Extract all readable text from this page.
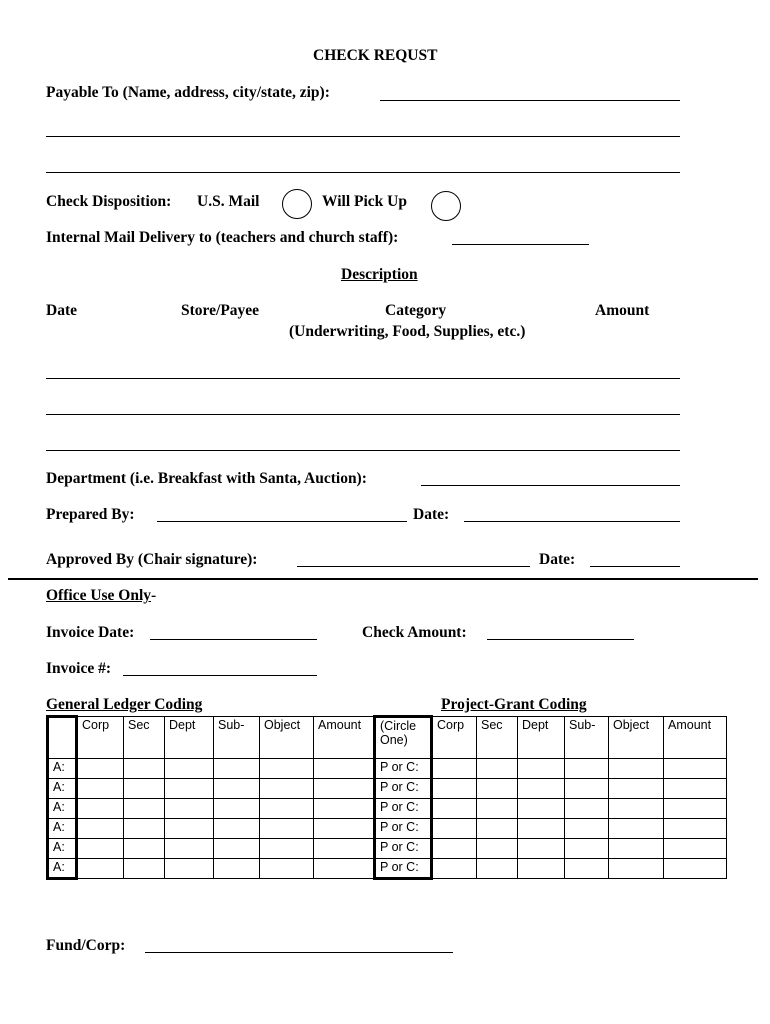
CHECK REQUST
Payable To (Name, address, city/state, zip):
Check Disposition: U.S. Mail	Will Pick Up
Internal Mail Delivery to (teachers and church staff):
Description
Date	Store/Payee	Category
(Underwriting, Food, Supplies, etc.)
Amount
Department (i.e. Breakfast with Santa, Auction):
Prepared By:	Date:
Approved By (Chair signature):	Date:
Office Use Only-
Invoice Date:	Check Amount:
Invoice #:
General Ledger Coding	Project-Grant Coding
	Corp	Sec	Dept	Sub-	Object	Amount	(Circle One)	Corp	Sec	Dept	Sub-	Object	Amount
A:							P or C:						
A:							P or C:						
A:							P or C:						
A:							P or C:						
A:							P or C:						
A:							P or C:						
Fund/Corp:
